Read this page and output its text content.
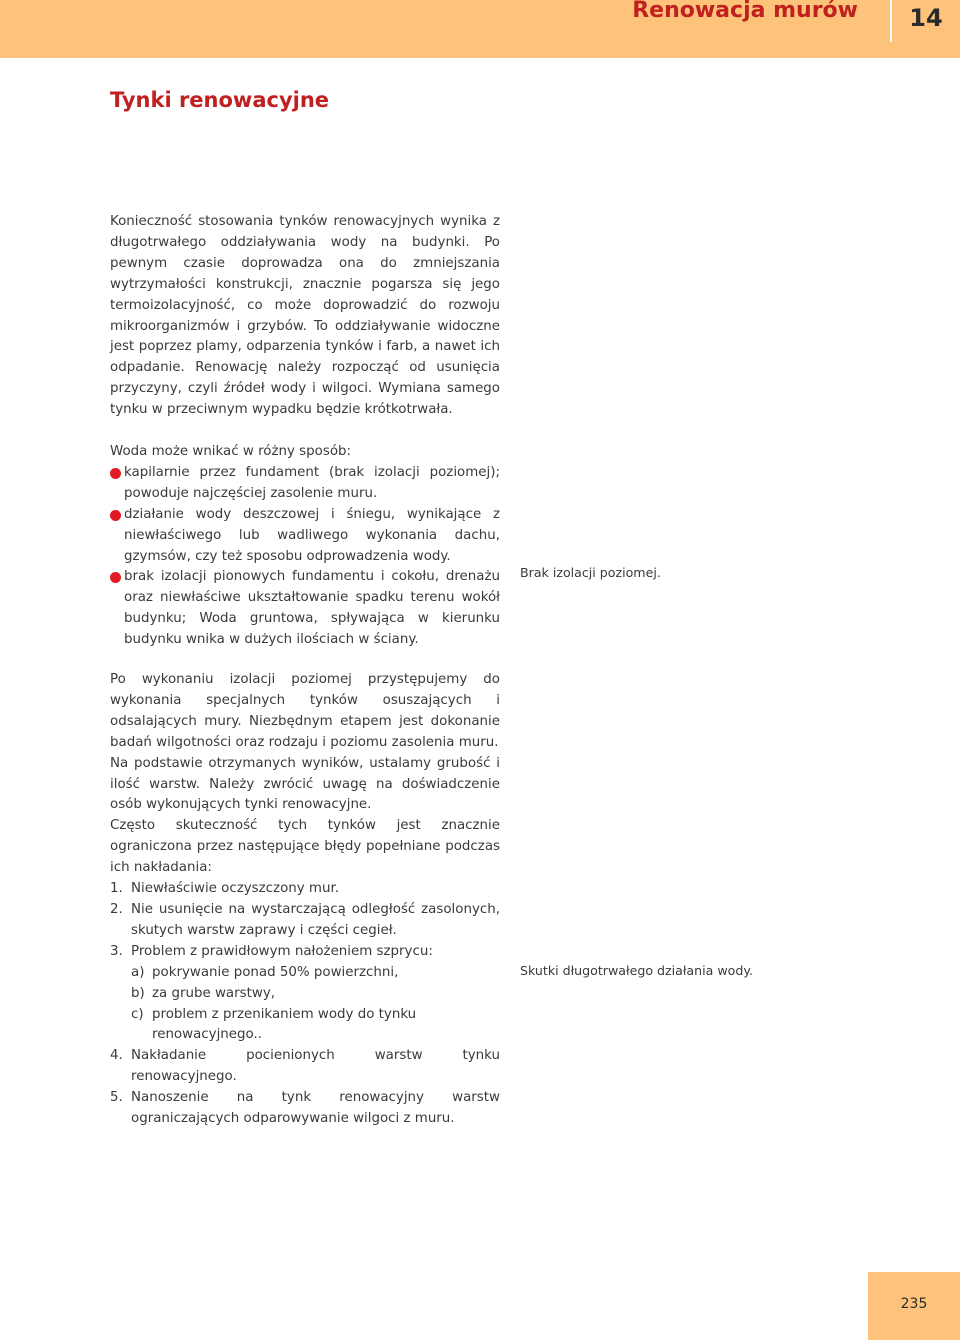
Renowacja murów	14
Tynki renowacyjne

Konieczność stosowania tynków renowacyjnych wynika z długotrwałego oddziaływania wody na budynki. Po pewnym czasie doprowadza ona do zmniejszania wytrzymałości konstrukcji, znacznie pogarsza się jego termoizolacyjność, co może doprowadzić do rozwoju mikroorganizmów i grzybów. To oddziaływanie widoczne jest poprzez plamy, odparzenia tynków i farb, a nawet ich odpadanie. Renowację należy rozpocząć od usunięcia przyczyny, czyli źródeł wody i wilgoci. Wymiana samego tynku w przeciwnym wypadku będzie krótkotrwała.

Woda może wnikać w różny sposób:

kapilarnie przez fundament (brak izolacji poziomej); powoduje najczęściej zasolenie muru.
działanie wody deszczowej i śniegu, wynikające z niewłaściwego lub wadliwego wykonania dachu, gzymsów, czy też sposobu odprowadzenia wody.
brak izolacji pionowych fundamentu i cokołu, drenażu oraz niewłaściwe ukształtowanie spadku terenu wokół budynku; Woda gruntowa, spływająca w kierunku budynku wnika w dużych ilościach w ściany.
Brak izolacji poziomej.

Po wykonaniu izolacji poziomej przystępujemy do wykonania specjalnych tynków osuszających i odsalających mury. Niezbędnym etapem jest dokonanie badań wilgotności oraz rodzaju i poziomu zasolenia muru.

Na podstawie otrzymanych wyników, ustalamy grubość i ilość warstw. Należy zwrócić uwagę na doświadczenie osób wykonujących tynki renowacyjne.

Często skuteczność tych tynków jest znacznie ograniczona przez następujące błędy popełniane podczas ich nakładania:

1. Niewłaściwie oczyszczony mur.
2. Nie usunięcie na wystarczającą odległość zasolonych, skutych warstw zaprawy i części cegieł.
3. Problem z prawidłowym nałożeniem szprycu:
a) pokrywanie ponad 50% powierzchni,
b) za grube warstwy,
c) problem z przenikaniem wody do tynku renowacyjnego..
4. Nakładanie pocienionych warstw tynku renowacyjnego.
5. Nanoszenie na tynk renowacyjny warstw ograniczających odparowywanie wilgoci z muru.
Skutki długotrwałego działania wody.
235
